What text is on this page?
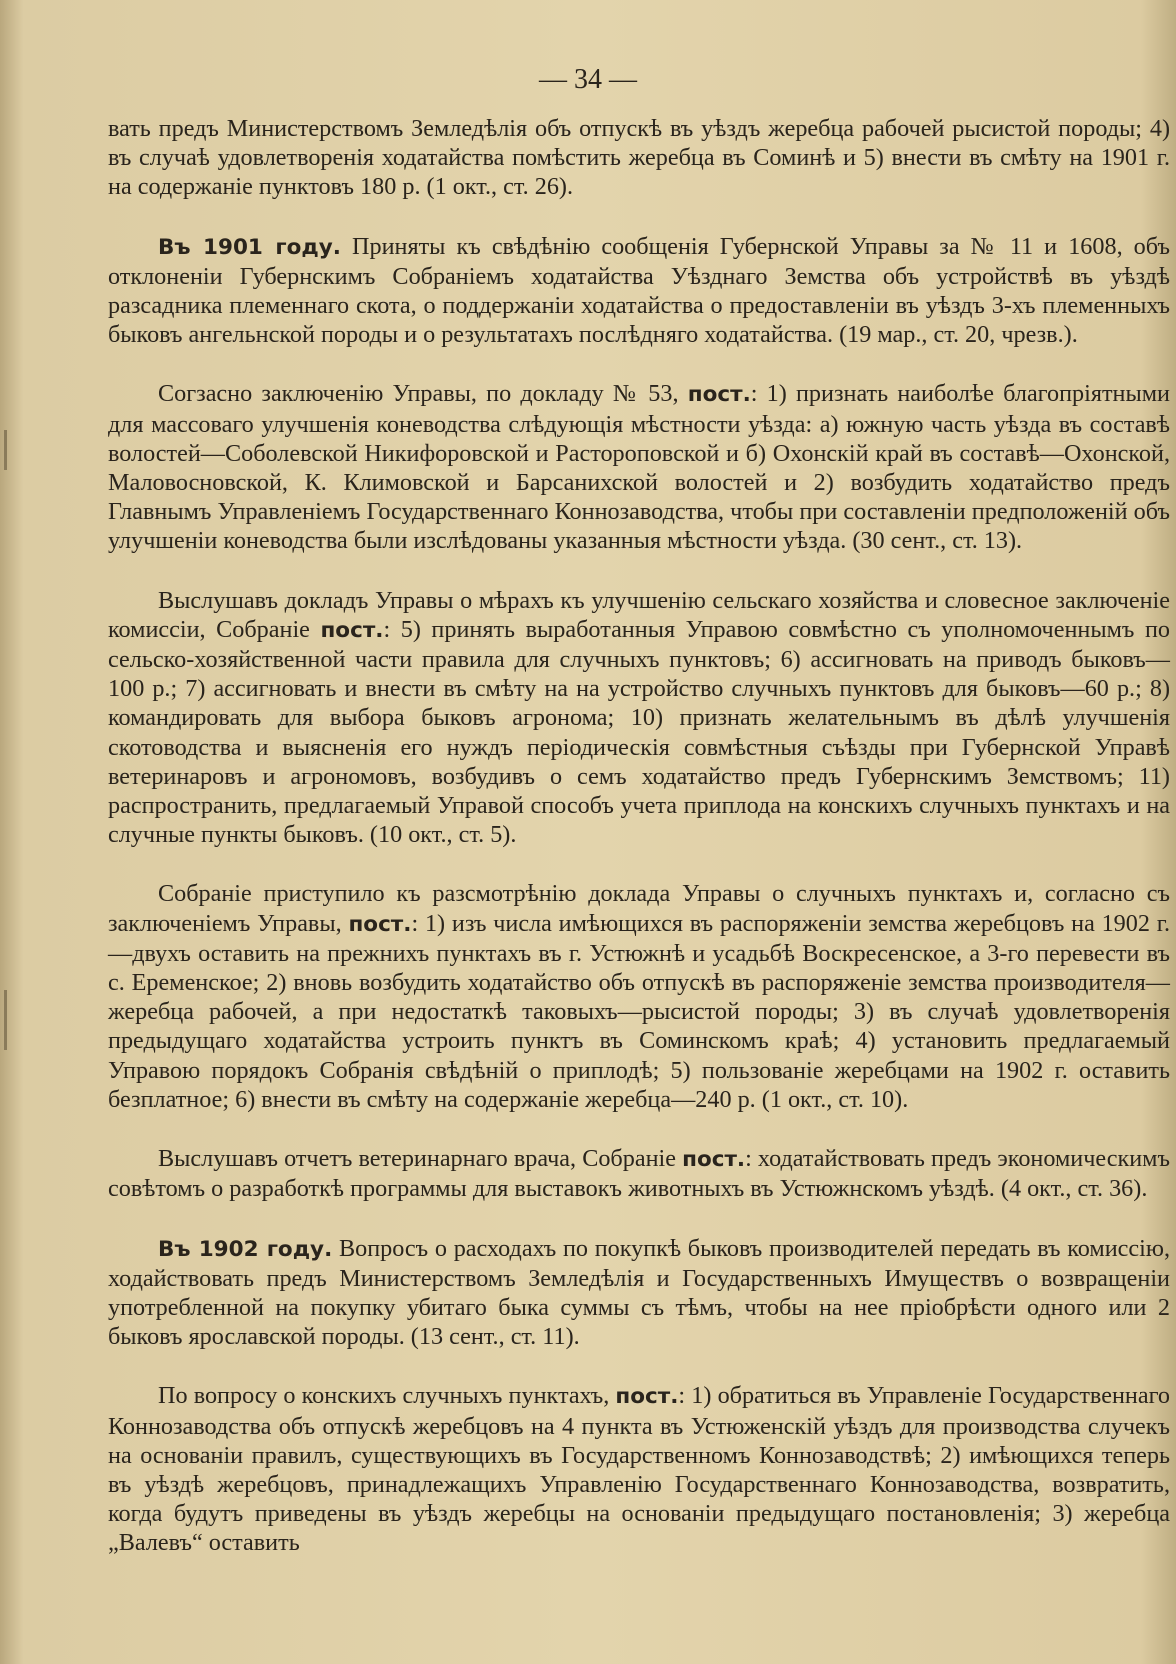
— 34 —

вать предъ Министерствомъ Земледѣлія объ отпускѣ въ уѣздъ жеребца рабочей рысистой породы; 4) въ случаѣ удовлетворенія ходатайства помѣстить жеребца въ Соминѣ и 5) внести въ смѣту на 1901 г. на содержаніе пунктовъ 180 р. (1 окт., ст. 26).

Въ 1901 году. Приняты къ свѣдѣнію сообщенія Губернской Управы за № 11 и 1608, объ отклоненіи Губернскимъ Собраніемъ ходатайства Уѣзднаго Земства объ устройствѣ въ уѣздѣ разсадника племеннаго скота, о поддержаніи ходатайства о предоставленіи въ уѣздъ 3-хъ племенныхъ быковъ ангельнской породы и о результатахъ послѣдняго ходатайства. (19 мар., ст. 20, чрезв.).

Согзасно заключенію Управы, по докладу № 53, пост.: 1) признать наиболѣе благопріятными для массоваго улучшенія коневодства слѣдующія мѣстности уѣзда: а) южную часть уѣзда въ составѣ волостей—Соболевской Никифоровской и Растороповской и б) Охонскій край въ составѣ—Охонской, Маловосновской, К. Климовской и Барсанихской волостей и 2) возбудить ходатайство предъ Главнымъ Управленіемъ Государственнаго Коннозаводства, чтобы при составленіи предположеній объ улучшеніи коневодства были изслѣдованы указанныя мѣстности уѣзда. (30 сент., ст. 13).

Выслушавъ докладъ Управы о мѣрахъ къ улучшенію сельскаго хозяйства и словесное заключеніе комиссіи, Собраніе пост.: 5) принять выработанныя Управою совмѣстно съ уполномоченнымъ по сельско-хозяйственной части правила для случныхъ пунктовъ; 6) ассигновать на приводъ быковъ—100 р.; 7) ассигновать и внести въ смѣту на на устройство случныхъ пунктовъ для быковъ—60 р.; 8) командировать для выбора быковъ агронома; 10) признать желательнымъ въ дѣлѣ улучшенія скотоводства и выясненія его нуждъ періодическія совмѣстныя съѣзды при Губернской Управѣ ветеринаровъ и агрономовъ, возбудивъ о семъ ходатайство предъ Губернскимъ Земствомъ; 11) распространить, предлагаемый Управой способъ учета приплода на конскихъ случныхъ пунктахъ и на случные пункты быковъ. (10 окт., ст. 5).

Собраніе приступило къ разсмотрѣнію доклада Управы о случныхъ пунктахъ и, согласно съ заключеніемъ Управы, пост.: 1) изъ числа имѣющихся въ распоряженіи земства жеребцовъ на 1902 г.—двухъ оставить на прежнихъ пунктахъ въ г. Устюжнѣ и усадьбѣ Воскресенское, а 3-го перевести въ с. Еременское; 2) вновь возбудить ходатайство объ отпускѣ въ распоряженіе земства производителя—жеребца рабочей, а при недостаткѣ таковыхъ—рысистой породы; 3) въ случаѣ удовлетворенія предыдущаго ходатайства устроить пунктъ въ Соминскомъ краѣ; 4) установить предлагаемый Управою порядокъ Собранія свѣдѣній о приплодѣ; 5) пользованіе жеребцами на 1902 г. оставить безплатное; 6) внести въ смѣту на содержаніе жеребца—240 р. (1 окт., ст. 10).

Выслушавъ отчетъ ветеринарнаго врача, Собраніе пост.: ходатайствовать предъ экономическимъ совѣтомъ о разработкѣ программы для выставокъ животныхъ въ Устюжнскомъ уѣздѣ. (4 окт., ст. 36).

Въ 1902 году. Вопросъ о расходахъ по покупкѣ быковъ производителей передать въ комиссію, ходайствовать предъ Министерствомъ Земледѣлія и Государственныхъ Имуществъ о возвращеніи употребленной на покупку убитаго быка суммы съ тѣмъ, чтобы на нее пріобрѣсти одного или 2 быковъ ярославской породы. (13 сент., ст. 11).

По вопросу о конскихъ случныхъ пунктахъ, пост.: 1) обратиться въ Управленіе Государственнаго Коннозаводства объ отпускѣ жеребцовъ на 4 пункта въ Устюженскій уѣздъ для производства случекъ на основаніи правилъ, существующихъ въ Государственномъ Коннозаводствѣ; 2) имѣющихся теперь въ уѣздѣ жеребцовъ, принадлежащихъ Управленію Государственнаго Коннозаводства, возвратить, когда будутъ приведены въ уѣздъ жеребцы на основаніи предыдущаго постановленія; 3) жеребца „Валевъ“ оставить
